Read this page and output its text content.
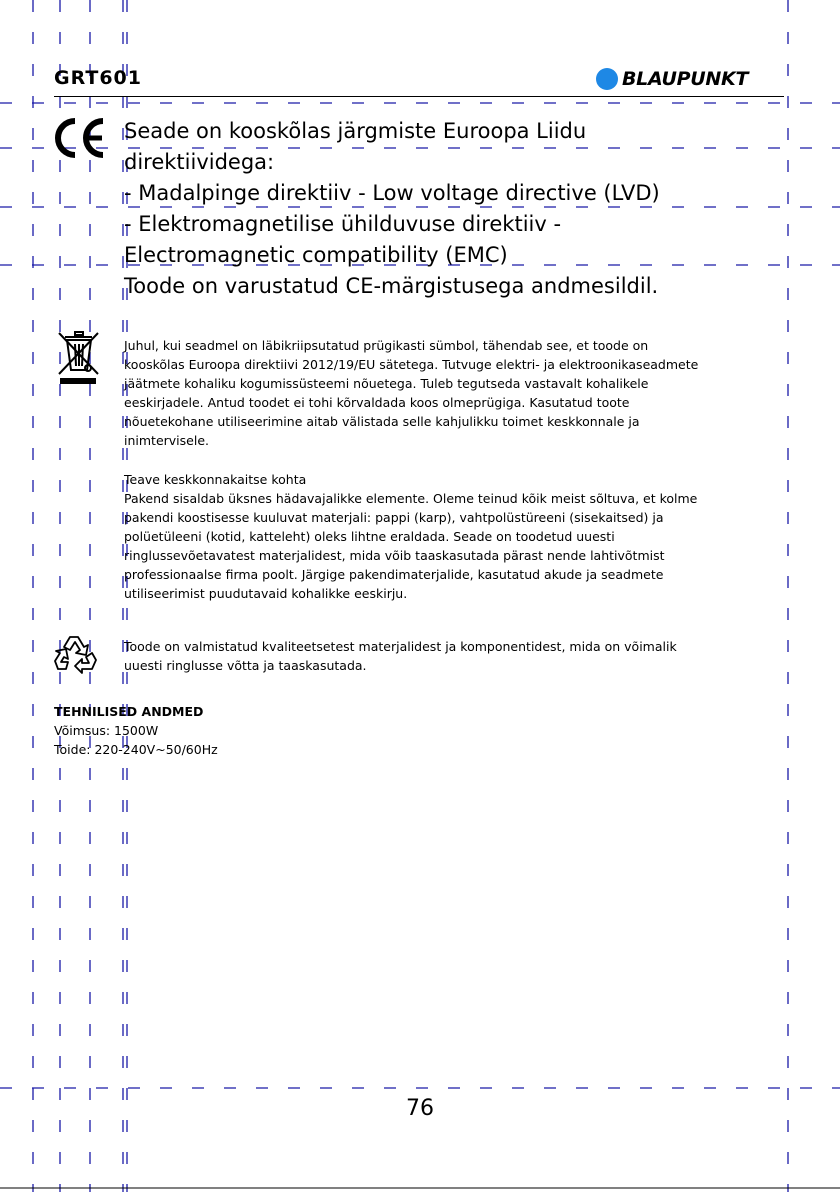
GRT601	BLAUPUNKT
Seade on kooskõlas järgmiste Euroopa Liidu
direktiividega:
- Madalpinge direktiiv - Low voltage directive (LVD)
- Elektromagnetilise ühilduvuse direktiiv -
Electromagnetic compatibility (EMC)
Toode on varustatud CE-märgistusega andmesildil.
Juhul, kui seadmel on läbikriipsutatud prügikasti sümbol, tähendab see, et toode on
kooskõlas Euroopa direktiivi 2012/19/EU sätetega. Tutvuge elektri- ja elektroonikaseadmete
jäätmete kohaliku kogumissüsteemi nõuetega. Tuleb tegutseda vastavalt kohalikele
eeskirjadele. Antud toodet ei tohi kõrvaldada koos olmeprügiga. Kasutatud toote
nõuetekohane utiliseerimine aitab välistada selle kahjulikku toimet keskkonnale ja
inimtervisele.
Teave keskkonnakaitse kohta
Pakend sisaldab üksnes hädavajalikke elemente. Oleme teinud kõik meist sõltuva, et kolme
pakendi koostisesse kuuluvat materjali: pappi (karp), vahtpolüstüreeni (sisekaitsed) ja
polüetüleeni (kotid, katteleht) oleks lihtne eraldada. Seade on toodetud uuesti
ringlussevõetavatest materjalidest, mida võib taaskasutada pärast nende lahtivõtmist
professionaalse firma poolt. Järgige pakendimaterjalide, kasutatud akude ja seadmete
utiliseerimist puudutavaid kohalikke eeskirju.
Toode on valmistatud kvaliteetsetest materjalidest ja komponentidest, mida on võimalik
uuesti ringlusse võtta ja taaskasutada.
TEHNILISED ANDMED
Võimsus: 1500W
Toide: 220-240V~50/60Hz
76
